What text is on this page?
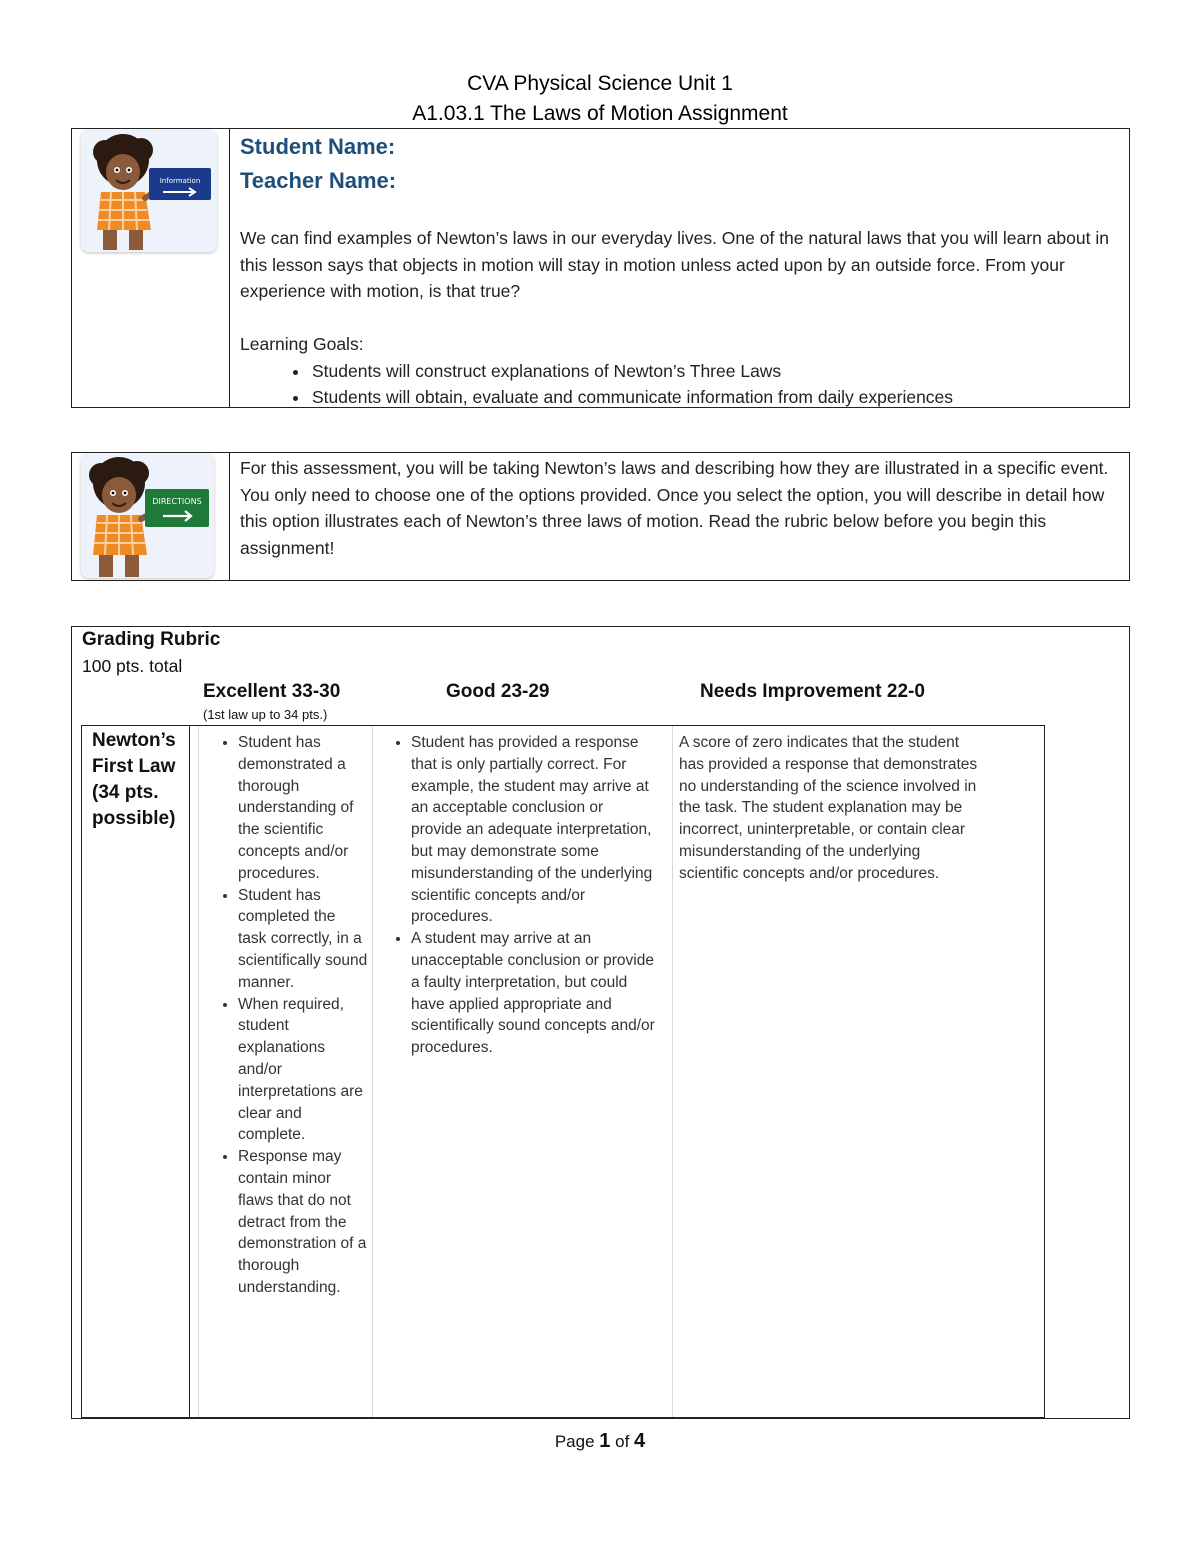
CVA Physical Science Unit 1
A1.03.1 The Laws of Motion Assignment
Information
Student Name:
Teacher Name:

We can find examples of Newton’s laws in our everyday lives. One of the natural laws that you will learn about in this lesson says that objects in motion will stay in motion unless acted upon by an outside force. From your experience with motion, is that true?

Learning Goals:

• Students will construct explanations of Newton’s Three Laws
• Students will obtain, evaluate and communicate information from daily experiences
DIRECTIONS
For this assessment, you will be taking Newton’s laws and describing how they are illustrated in a specific event. You only need to choose one of the options provided. Once you select the option, you will describe in detail how this option illustrates each of Newton’s three laws of motion. Read the rubric below before you begin this assignment!
Grading Rubric
100 pts. total
Excellent 33-30
(1st law up to 34 pts.)
Good 23-29	Needs Improvement 22-0
Newton’s First Law (34 pts. possible)
• Student has demonstrated a thorough understanding of the scientific concepts and/or procedures.
• Student has completed the task correctly, in a scientifically sound manner.
• When required, student explanations and/or interpretations are clear and complete.
• Response may contain minor flaws that do not detract from the demonstration of a thorough understanding.
• Student has provided a response that is only partially correct. For example, the student may arrive at an acceptable conclusion or provide an adequate interpretation, but may demonstrate some misunderstanding of the underlying scientific concepts and/or procedures.
• A student may arrive at an unacceptable conclusion or provide a faulty interpretation, but could have applied appropriate and scientifically sound concepts and/or procedures.
A score of zero indicates that the student has provided a response that demonstrates no understanding of the science involved in the task. The student explanation may be incorrect, uninterpretable, or contain clear misunderstanding of the underlying scientific concepts and/or procedures.
Page 1 of 4
